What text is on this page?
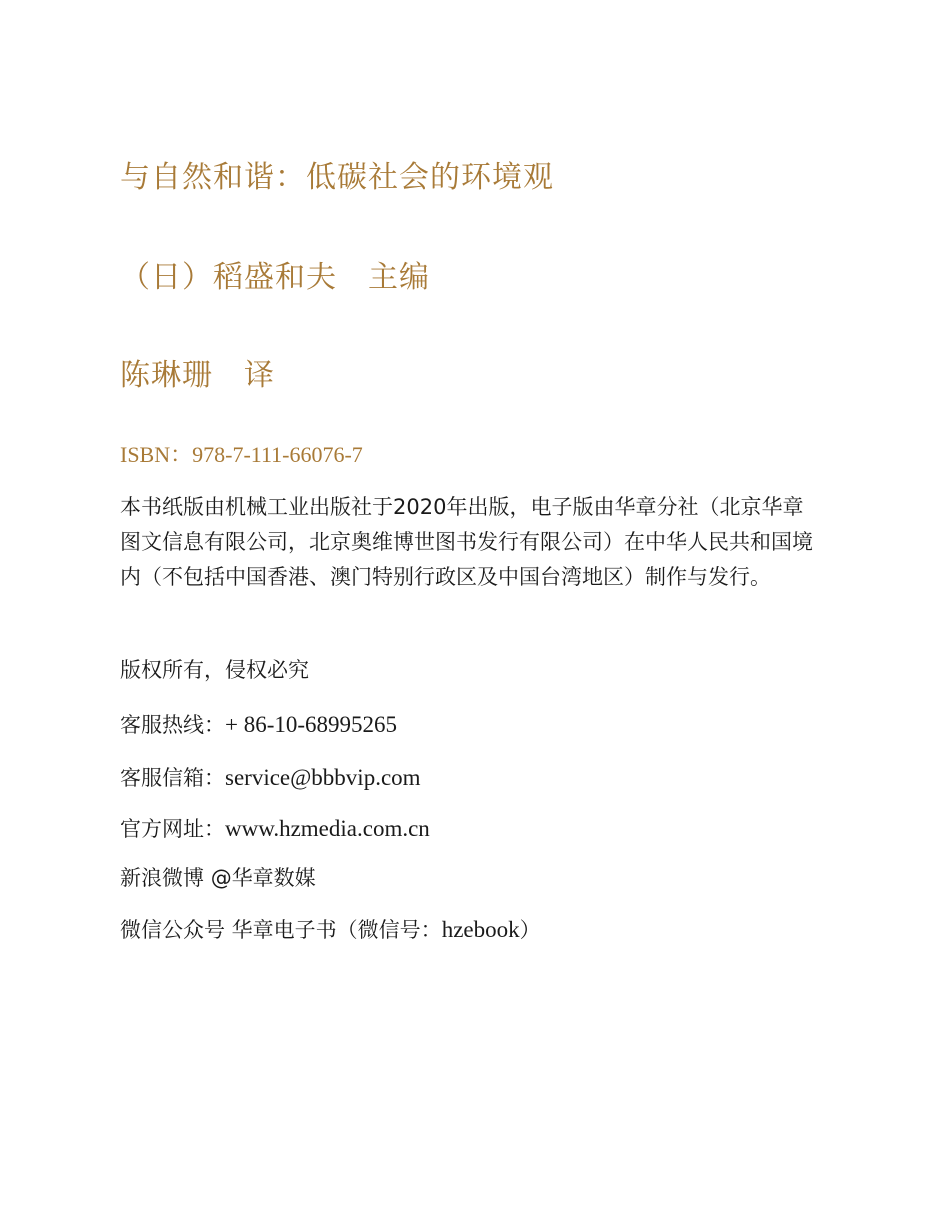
与自然和谐：低碳社会的环境观
（日）稻盛和夫　主编
陈琳珊　译
ISBN：978-7-111-66076-7
本书纸版由机械工业出版社于2020年出版，电子版由华章分社（北京华章图文信息有限公司，北京奥维博世图书发行有限公司）在中华人民共和国境内（不包括中国香港、澳门特别行政区及中国台湾地区）制作与发行。
版权所有，侵权必究
客服热线：+ 86-10-68995265
客服信箱：service@bbbvip.com
官方网址：www.hzmedia.com.cn
新浪微博 @华章数媒
微信公众号 华章电子书（微信号：hzebook）
